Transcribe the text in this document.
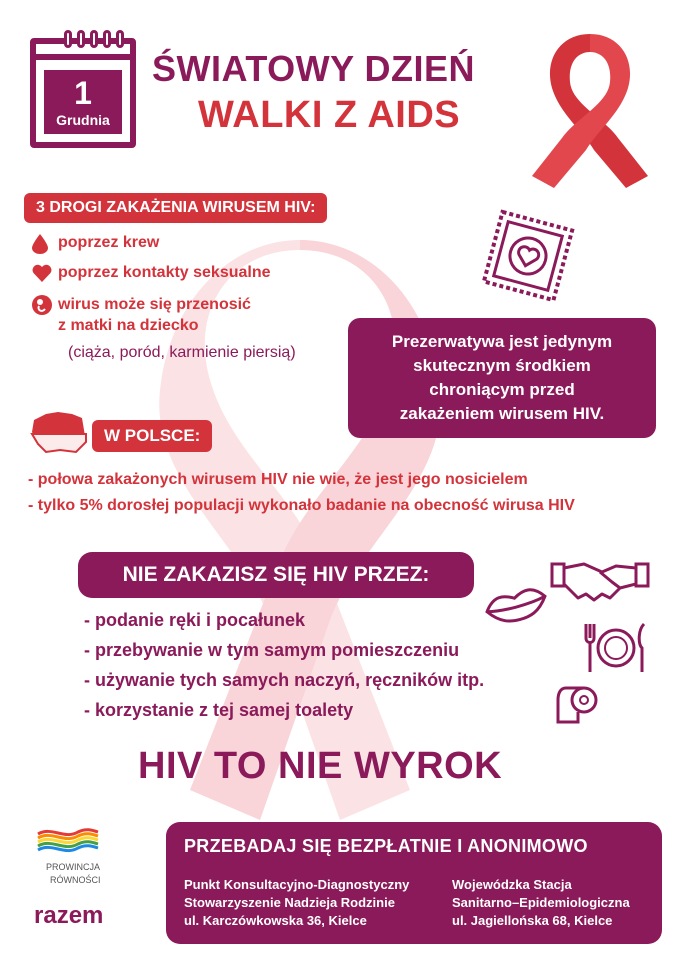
1
Grudnia
ŚWIATOWY DZIEŃ
WALKI Z AIDS
3 DROGI ZAKAŻENIA WIRUSEM HIV:
poprzez krew
poprzez kontakty seksualne
wirus może się przenosić
z matki na dziecko
(ciąża, poród, karmienie piersią)
Prezerwatywa jest jedynym
skutecznym środkiem
chroniącym przed
zakażeniem wirusem HIV.
W POLSCE:
- połowa zakażonych wirusem HIV nie wie, że jest jego nosicielem
- tylko 5% dorosłej populacji wykonało badanie na obecność wirusa HIV
NIE ZAKAZISZ SIĘ HIV PRZEZ:
- podanie ręki i pocałunek
- przebywanie w tym samym pomieszczeniu
- używanie tych samych naczyń, ręczników itp.
- korzystanie z tej samej toalety
HIV TO NIE WYROK
PROWINCJA
RÓWNOŚCI
razem
PRZEBADAJ SIĘ BEZPŁATNIE I ANONIMOWO
Punkt Konsultacyjno-Diagnostyczny
Stowarzyszenie Nadzieja Rodzinie
ul. Karczówkowska 36, Kielce
Wojewódzka Stacja
Sanitarno–Epidemiologiczna
ul. Jagiellońska 68, Kielce
